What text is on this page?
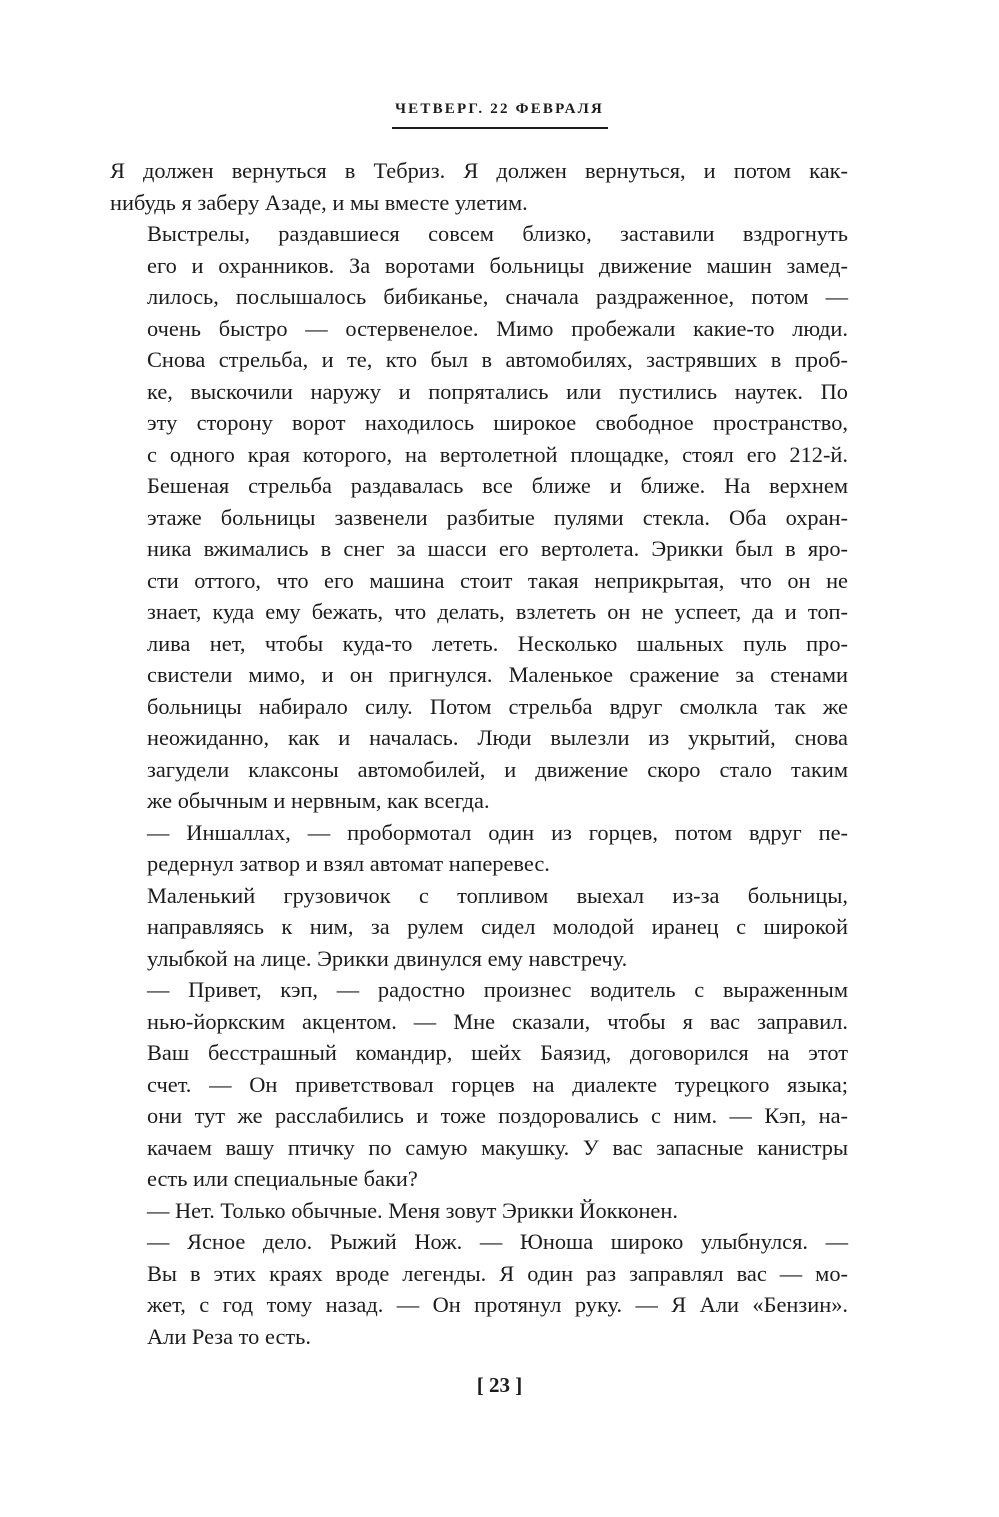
ЧЕТВЕРГ. 22 ФЕВРАЛЯ

Я должен вернуться в Тебриз. Я должен вернуться, и потом как-
нибудь я заберу Азаде, и мы вместе улетим.

Выстрелы, раздавшиеся совсем близко, заставили вздрогнуть
его и охранников. За воротами больницы движение машин замед-
лилось, послышалось бибиканье, сначала раздраженное, потом —
очень быстро — остервенелое. Мимо пробежали какие-то люди.
Снова стрельба, и те, кто был в автомобилях, застрявших в проб-
ке, выскочили наружу и попрятались или пустились наутек. По
эту сторону ворот находилось широкое свободное пространство,
с одного края которого, на вертолетной площадке, стоял его 212-й.
Бешеная стрельба раздавалась все ближе и ближе. На верхнем
этаже больницы зазвенели разбитые пулями стекла. Оба охран-
ника вжимались в снег за шасси его вертолета. Эрикки был в яро-
сти оттого, что его машина стоит такая неприкрытая, что он не
знает, куда ему бежать, что делать, взлететь он не успеет, да и топ-
лива нет, чтобы куда-то лететь. Несколько шальных пуль про-
свистели мимо, и он пригнулся. Маленькое сражение за стенами
больницы набирало силу. Потом стрельба вдруг смолкла так же
неожиданно, как и началась. Люди вылезли из укрытий, снова
загудели клаксоны автомобилей, и движение скоро стало таким
же обычным и нервным, как всегда.

— Иншаллах, — пробормотал один из горцев, потом вдруг пе-
редернул затвор и взял автомат наперевес.

Маленький грузовичок с топливом выехал из-за больницы,
направляясь к ним, за рулем сидел молодой иранец с широкой
улыбкой на лице. Эрикки двинулся ему навстречу.

— Привет, кэп, — радостно произнес водитель с выраженным
нью-йоркским акцентом. — Мне сказали, чтобы я вас заправил.
Ваш бесстрашный командир, шейх Баязид, договорился на этот
счет. — Он приветствовал горцев на диалекте турецкого языка;
они тут же расслабились и тоже поздоровались с ним. — Кэп, на-
качаем вашу птичку по самую макушку. У вас запасные канистры
есть или специальные баки?

— Нет. Только обычные. Меня зовут Эрикки Йокконен.

— Ясное дело. Рыжий Нож. — Юноша широко улыбнулся. —
Вы в этих краях вроде легенды. Я один раз заправлял вас — мо-
жет, с год тому назад. — Он протянул руку. — Я Али «Бензин».
Али Реза то есть.

[ 23 ]
